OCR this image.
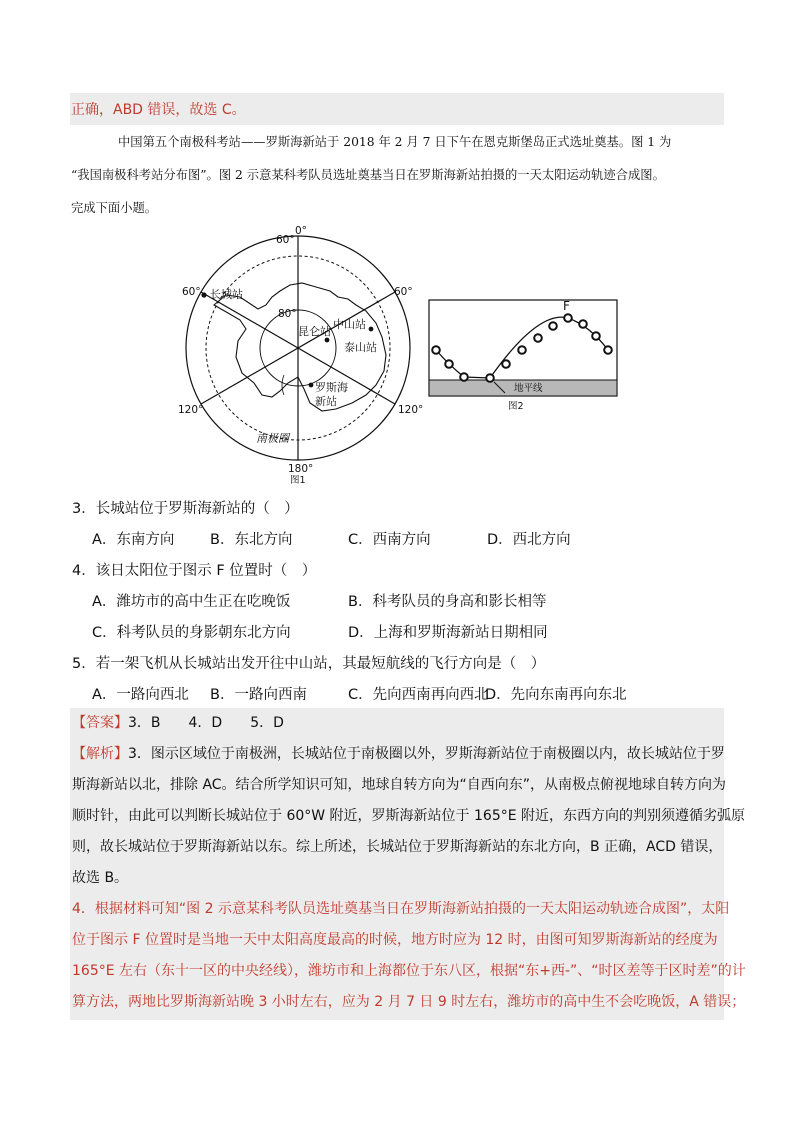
正确，ABD 错误，故选 C。
中国第五个南极科考站——罗斯海新站于 2018 年 2 月 7 日下午在恩克斯堡岛正式选址奠基。图 1 为
“我国南极科考站分布图”。图 2 示意某科考队员选址奠基当日在罗斯海新站拍摄的一天太阳运动轨迹合成图。
完成下面小题。
0°
60°
60°	60°
80°
120°	120°
180°
长城站
昆仑站
中山站
泰山站
罗斯海
新站
南极圈
图1
F
地平线
图2
3．长城站位于罗斯海新站的（　）
A．东南方向 B．东北方向	C．西南方向	D．西北方向
4．该日太阳位于图示 F 位置时（　）
A．潍坊市的高中生正在吃晚饭	B．科考队员的身高和影长相等
C．科考队员的身影朝东北方向	D．上海和罗斯海新站日期相同
5．若一架飞机从长城站出发开往中山站，其最短航线的飞行方向是（　）
A．一路向西北 B．一路向西南	C．先向西南再向西北
D．先向东南再向东北
【答案】3．B　　4．D　　5．D

【解析】3．图示区域位于南极洲，长城站位于南极圈以外，罗斯海新站位于南极圈以内，故长城站位于罗

斯海新站以北，排除 AC。结合所学知识可知，地球自转方向为“自西向东”，从南极点俯视地球自转方向为

顺时针，由此可以判断长城站位于 60°W 附近，罗斯海新站位于 165°E 附近，东西方向的判别须遵循劣弧原

则，故长城站位于罗斯海新站以东。综上所述，长城站位于罗斯海新站的东北方向，B 正确，ACD 错误，

故选 B。

4．根据材料可知“图 2 示意某科考队员选址奠基当日在罗斯海新站拍摄的一天太阳运动轨迹合成图”，太阳

位于图示 F 位置时是当地一天中太阳高度最高的时候，地方时应为 12 时，由图可知罗斯海新站的经度为

165°E 左右（东十一区的中央经线），潍坊市和上海都位于东八区，根据“东+西-”、“时区差等于区时差”的计

算方法，两地比罗斯海新站晚 3 小时左右，应为 2 月 7 日 9 时左右，潍坊市的高中生不会吃晚饭，A 错误；
